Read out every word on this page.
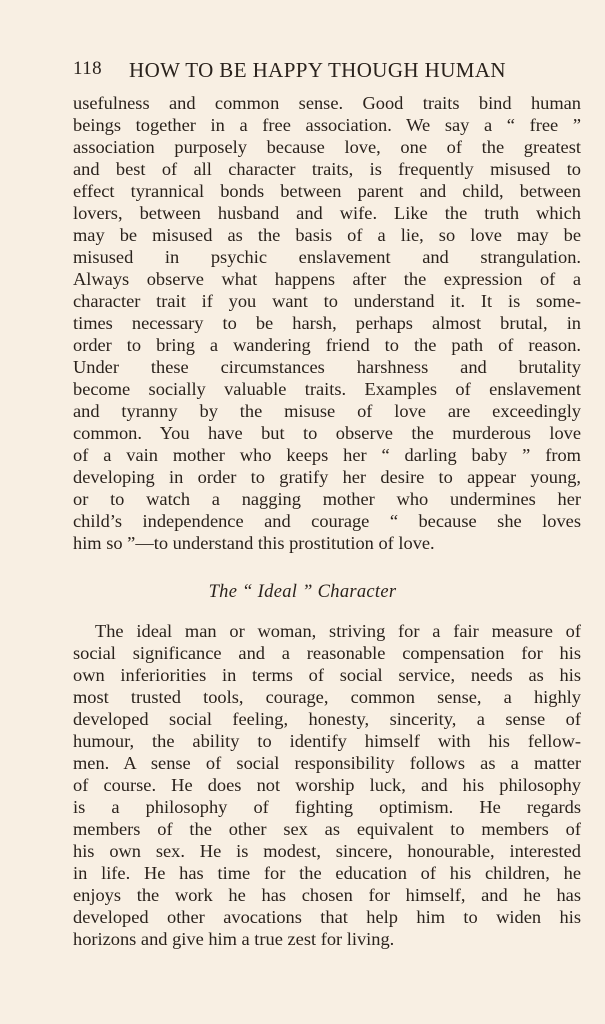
118 HOW TO BE HAPPY THOUGH HUMAN
usefulness and common sense. Good traits bind human
beings together in a free association. We say a “ free ”
association purposely because love, one of the greatest
and best of all character traits, is frequently misused to
effect tyrannical bonds between parent and child, between
lovers, between husband and wife. Like the truth which
may be misused as the basis of a lie, so love may be
misused in psychic enslavement and strangulation.
Always observe what happens after the expression of a
character trait if you want to understand it. It is some-
times necessary to be harsh, perhaps almost brutal, in
order to bring a wandering friend to the path of reason.
Under these circumstances harshness and brutality
become socially valuable traits. Examples of enslavement
and tyranny by the misuse of love are exceedingly
common. You have but to observe the murderous love
of a vain mother who keeps her “ darling baby ” from
developing in order to gratify her desire to appear young,
or to watch a nagging mother who undermines her
child’s independence and courage “ because she loves
him so ”—to understand this prostitution of love.
The “ Ideal ” Character
The ideal man or woman, striving for a fair measure of
social significance and a reasonable compensation for his
own inferiorities in terms of social service, needs as his
most trusted tools, courage, common sense, a highly
developed social feeling, honesty, sincerity, a sense of
humour, the ability to identify himself with his fellow-
men. A sense of social responsibility follows as a matter
of course. He does not worship luck, and his philosophy
is a philosophy of fighting optimism. He regards
members of the other sex as equivalent to members of
his own sex. He is modest, sincere, honourable, interested
in life. He has time for the education of his children, he
enjoys the work he has chosen for himself, and he has
developed other avocations that help him to widen his
horizons and give him a true zest for living.
